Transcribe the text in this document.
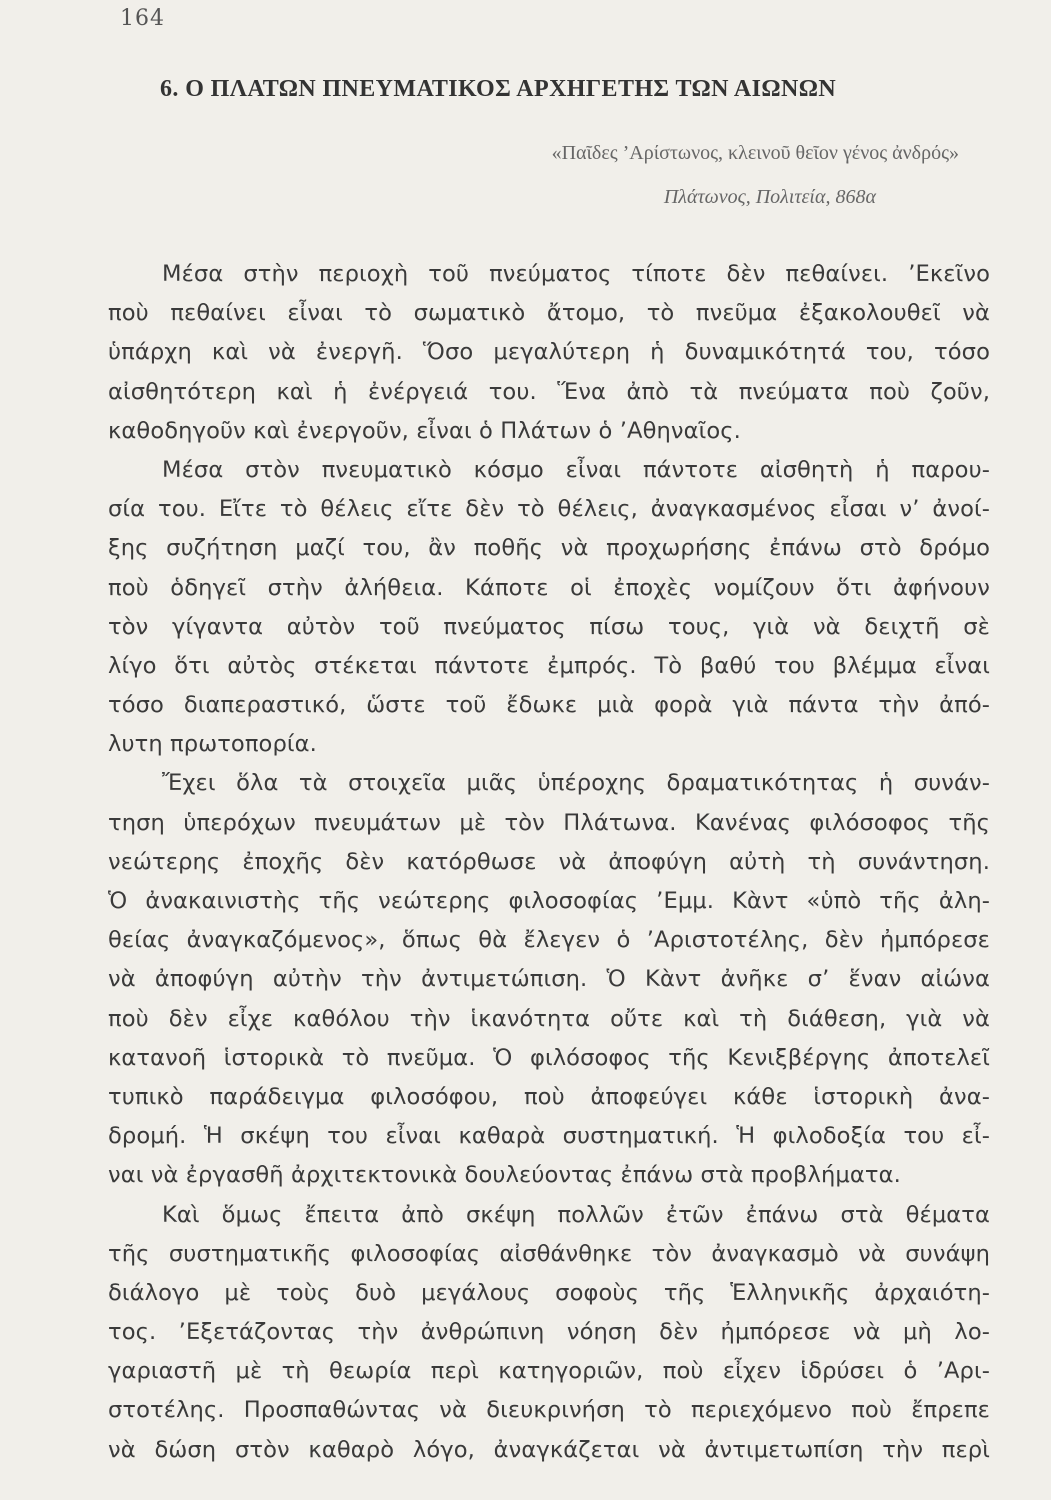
164
6. Ο ΠΛΑΤΩΝ ΠΝΕΥΜΑΤΙΚΟΣ ΑΡΧΗΓΕΤΗΣ ΤΩΝ ΑΙΩΝΩΝ
«Παῖδες ’Αρίστωνος, κλεινοῦ θεῖον γένος ἀνδρός»
Πλάτωνος, Πολιτεία, 868α
Μέσα στὴν περιοχὴ τοῦ πνεύματος τίποτε δὲν πεθαίνει. ’Εκεῖνο
ποὺ πεθαίνει εἶναι τὸ σωματικὸ ἄτομο, τὸ πνεῦμα ἐξακολουθεῖ νὰ
ὑπάρχη καὶ νὰ ἐνεργῆ. Ὅσο μεγαλύτερη ἡ δυναμικότητά του, τόσο
αἰσθητότερη καὶ ἡ ἐνέργειά του. Ἕνα ἀπὸ τὰ πνεύματα ποὺ ζοῦν,
καθοδηγοῦν καὶ ἐνεργοῦν, εἶναι ὁ Πλάτων ὁ ’Αθηναῖος.
Μέσα στὸν πνευματικὸ κόσμο εἶναι πάντοτε αἰσθητὴ ἡ παρου-
σία του. Εἴτε τὸ θέλεις εἴτε δὲν τὸ θέλεις, ἀναγκασμένος εἶσαι ν’ ἀνοί-
ξης συζήτηση μαζί του, ἂν ποθῆς νὰ προχωρήσης ἐπάνω στὸ δρόμο
ποὺ ὁδηγεῖ στὴν ἀλήθεια. Κάποτε οἱ ἐποχὲς νομίζουν ὅτι ἀφήνουν
τὸν γίγαντα αὐτὸν τοῦ πνεύματος πίσω τους, γιὰ νὰ δειχτῆ σὲ
λίγο ὅτι αὐτὸς στέκεται πάντοτε ἐμπρός. Τὸ βαθύ του βλέμμα εἶναι
τόσο διαπεραστικό, ὥστε τοῦ ἔδωκε μιὰ φορὰ γιὰ πάντα τὴν ἀπό-
λυτη πρωτοπορία.
Ἔχει ὅλα τὰ στοιχεῖα μιᾶς ὑπέροχης δραματικότητας ἡ συνάν-
τηση ὑπερόχων πνευμάτων μὲ τὸν Πλάτωνα. Κανένας φιλόσοφος τῆς
νεώτερης ἐποχῆς δὲν κατόρθωσε νὰ ἀποφύγη αὐτὴ τὴ συνάντηση.
Ὁ ἀνακαινιστὴς τῆς νεώτερης φιλοσοφίας ’Εμμ. Κὰντ «ὑπὸ τῆς ἀλη-
θείας ἀναγκαζόμενος», ὅπως θὰ ἔλεγεν ὁ ’Αριστοτέλης, δὲν ἠμπόρεσε
νὰ ἀποφύγη αὐτὴν τὴν ἀντιμετώπιση. Ὁ Κὰντ ἀνῆκε σ’ ἕναν αἰώνα
ποὺ δὲν εἶχε καθόλου τὴν ἱκανότητα οὔτε καὶ τὴ διάθεση, γιὰ νὰ
κατανοῆ ἱστορικὰ τὸ πνεῦμα. Ὁ φιλόσοφος τῆς Κενιξβέργης ἀποτελεῖ
τυπικὸ παράδειγμα φιλοσόφου, ποὺ ἀποφεύγει κάθε ἱστορικὴ ἀνα-
δρομή. Ἡ σκέψη του εἶναι καθαρὰ συστηματική. Ἡ φιλοδοξία του εἶ-
ναι νὰ ἐργασθῆ ἀρχιτεκτονικὰ δουλεύοντας ἐπάνω στὰ προβλήματα.
Καὶ ὅμως ἔπειτα ἀπὸ σκέψη πολλῶν ἐτῶν ἐπάνω στὰ θέματα
τῆς συστηματικῆς φιλοσοφίας αἰσθάνθηκε τὸν ἀναγκασμὸ νὰ συνάψη
διάλογο μὲ τοὺς δυὸ μεγάλους σοφοὺς τῆς Ἑλληνικῆς ἀρχαιότη-
τος. ’Εξετάζοντας τὴν ἀνθρώπινη νόηση δὲν ἠμπόρεσε νὰ μὴ λο-
γαριαστῆ μὲ τὴ θεωρία περὶ κατηγοριῶν, ποὺ εἶχεν ἱδρύσει ὁ ’Αρι-
στοτέλης. Προσπαθώντας νὰ διευκρινήση τὸ περιεχόμενο ποὺ ἔπρεπε
νὰ δώση στὸν καθαρὸ λόγο, ἀναγκάζεται νὰ ἀντιμετωπίση τὴν περὶ
